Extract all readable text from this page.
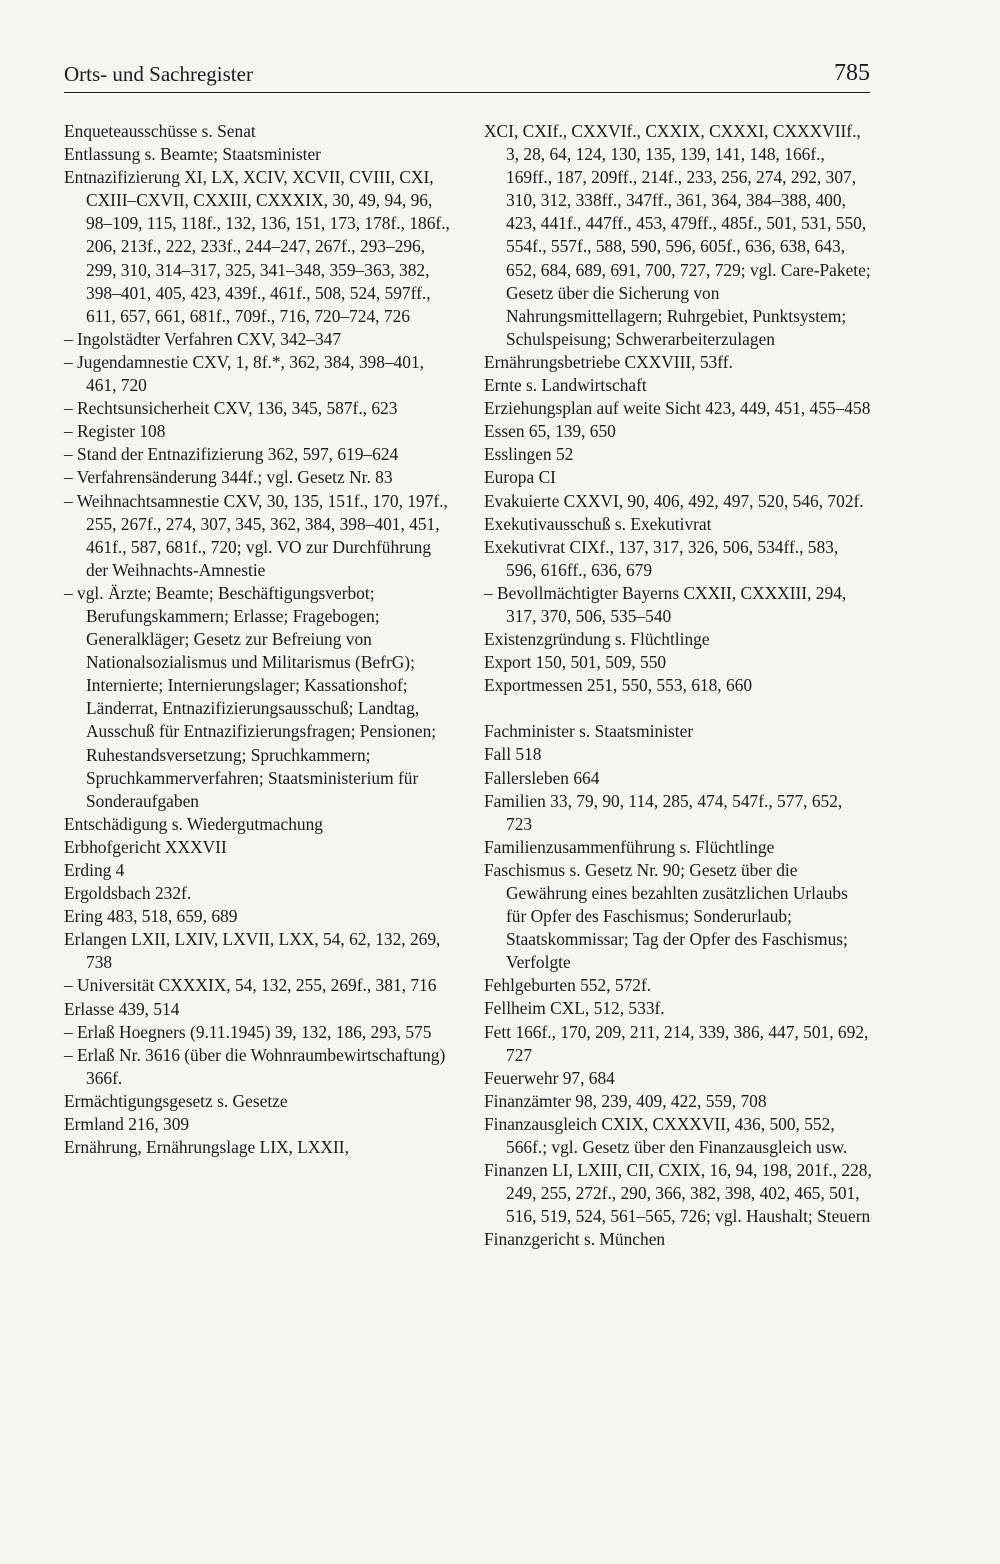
Orts- und Sachregister	785
Enqueteausschüsse s. Senat
Entlassung s. Beamte; Staatsminister
Entnazifizierung XI, LX, XCIV, XCVII, CVIII, CXI, CXIII–CXVII, CXXIII, CXXXIX, 30, 49, 94, 96, 98–109, 115, 118f., 132, 136, 151, 173, 178f., 186f., 206, 213f., 222, 233f., 244–247, 267f., 293–296, 299, 310, 314–317, 325, 341–348, 359–363, 382, 398–401, 405, 423, 439f., 461f., 508, 524, 597ff., 611, 657, 661, 681f., 709f., 716, 720–724, 726
– Ingolstädter Verfahren CXV, 342–347
– Jugendamnestie CXV, 1, 8f.*, 362, 384, 398–401, 461, 720
– Rechtsunsicherheit CXV, 136, 345, 587f., 623
– Register 108
– Stand der Entnazifizierung 362, 597, 619–624
– Verfahrensänderung 344f.; vgl. Gesetz Nr. 83
– Weihnachtsamnestie CXV, 30, 135, 151f., 170, 197f., 255, 267f., 274, 307, 345, 362, 384, 398–401, 451, 461f., 587, 681f., 720; vgl. VO zur Durchführung der Weihnachts-Amnestie
– vgl. Ärzte; Beamte; Beschäftigungsverbot; Berufungskammern; Erlasse; Fragebogen; Generalkläger; Gesetz zur Befreiung von Nationalsozialismus und Militarismus (BefrG); Internierte; Internierungslager; Kassationshof; Länderrat, Entnazifizierungsausschuß; Landtag, Ausschuß für Entnazifizierungsfragen; Pensionen; Ruhestandsversetzung; Spruchkammern; Spruchkammerverfahren; Staatsministerium für Sonderaufgaben
Entschädigung s. Wiedergutmachung
Erbhofgericht XXXVII
Erding 4
Ergoldsbach 232f.
Ering 483, 518, 659, 689
Erlangen LXII, LXIV, LXVII, LXX, 54, 62, 132, 269, 738
– Universität CXXXIX, 54, 132, 255, 269f., 381, 716
Erlasse 439, 514
– Erlaß Hoegners (9.11.1945) 39, 132, 186, 293, 575
– Erlaß Nr. 3616 (über die Wohnraumbewirtschaftung) 366f.
Ermächtigungsgesetz s. Gesetze
Ermland 216, 309
Ernährung, Ernährungslage LIX, LXXII,
XCI, CXIf., CXXVIf., CXXIX, CXXXI, CXXXVIIf., 3, 28, 64, 124, 130, 135, 139, 141, 148, 166f., 169ff., 187, 209ff., 214f., 233, 256, 274, 292, 307, 310, 312, 338ff., 347ff., 361, 364, 384–388, 400, 423, 441f., 447ff., 453, 479ff., 485f., 501, 531, 550, 554f., 557f., 588, 590, 596, 605f., 636, 638, 643, 652, 684, 689, 691, 700, 727, 729; vgl. Care-Pakete; Gesetz über die Sicherung von Nahrungsmittellagern; Ruhrgebiet, Punktsystem; Schulspeisung; Schwerarbeiterzulagen
Ernährungsbetriebe CXXVIII, 53ff.
Ernte s. Landwirtschaft
Erziehungsplan auf weite Sicht 423, 449, 451, 455–458
Essen 65, 139, 650
Esslingen 52
Europa CI
Evakuierte CXXVI, 90, 406, 492, 497, 520, 546, 702f.
Exekutivausschuß s. Exekutivrat
Exekutivrat CIXf., 137, 317, 326, 506, 534ff., 583, 596, 616ff., 636, 679
– Bevollmächtigter Bayerns CXXII, CXXXIII, 294, 317, 370, 506, 535–540
Existenzgründung s. Flüchtlinge
Export 150, 501, 509, 550
Exportmessen 251, 550, 553, 618, 660
Fachminister s. Staatsminister
Fall 518
Fallersleben 664
Familien 33, 79, 90, 114, 285, 474, 547f., 577, 652, 723
Familienzusammenführung s. Flüchtlinge
Faschismus s. Gesetz Nr. 90; Gesetz über die Gewährung eines bezahlten zusätzlichen Urlaubs für Opfer des Faschismus; Sonderurlaub; Staatskommissar; Tag der Opfer des Faschismus; Verfolgte
Fehlgeburten 552, 572f.
Fellheim CXL, 512, 533f.
Fett 166f., 170, 209, 211, 214, 339, 386, 447, 501, 692, 727
Feuerwehr 97, 684
Finanzämter 98, 239, 409, 422, 559, 708
Finanzausgleich CXIX, CXXXVII, 436, 500, 552, 566f.; vgl. Gesetz über den Finanzausgleich usw.
Finanzen LI, LXIII, CII, CXIX, 16, 94, 198, 201f., 228, 249, 255, 272f., 290, 366, 382, 398, 402, 465, 501, 516, 519, 524, 561–565, 726; vgl. Haushalt; Steuern
Finanzgericht s. München
